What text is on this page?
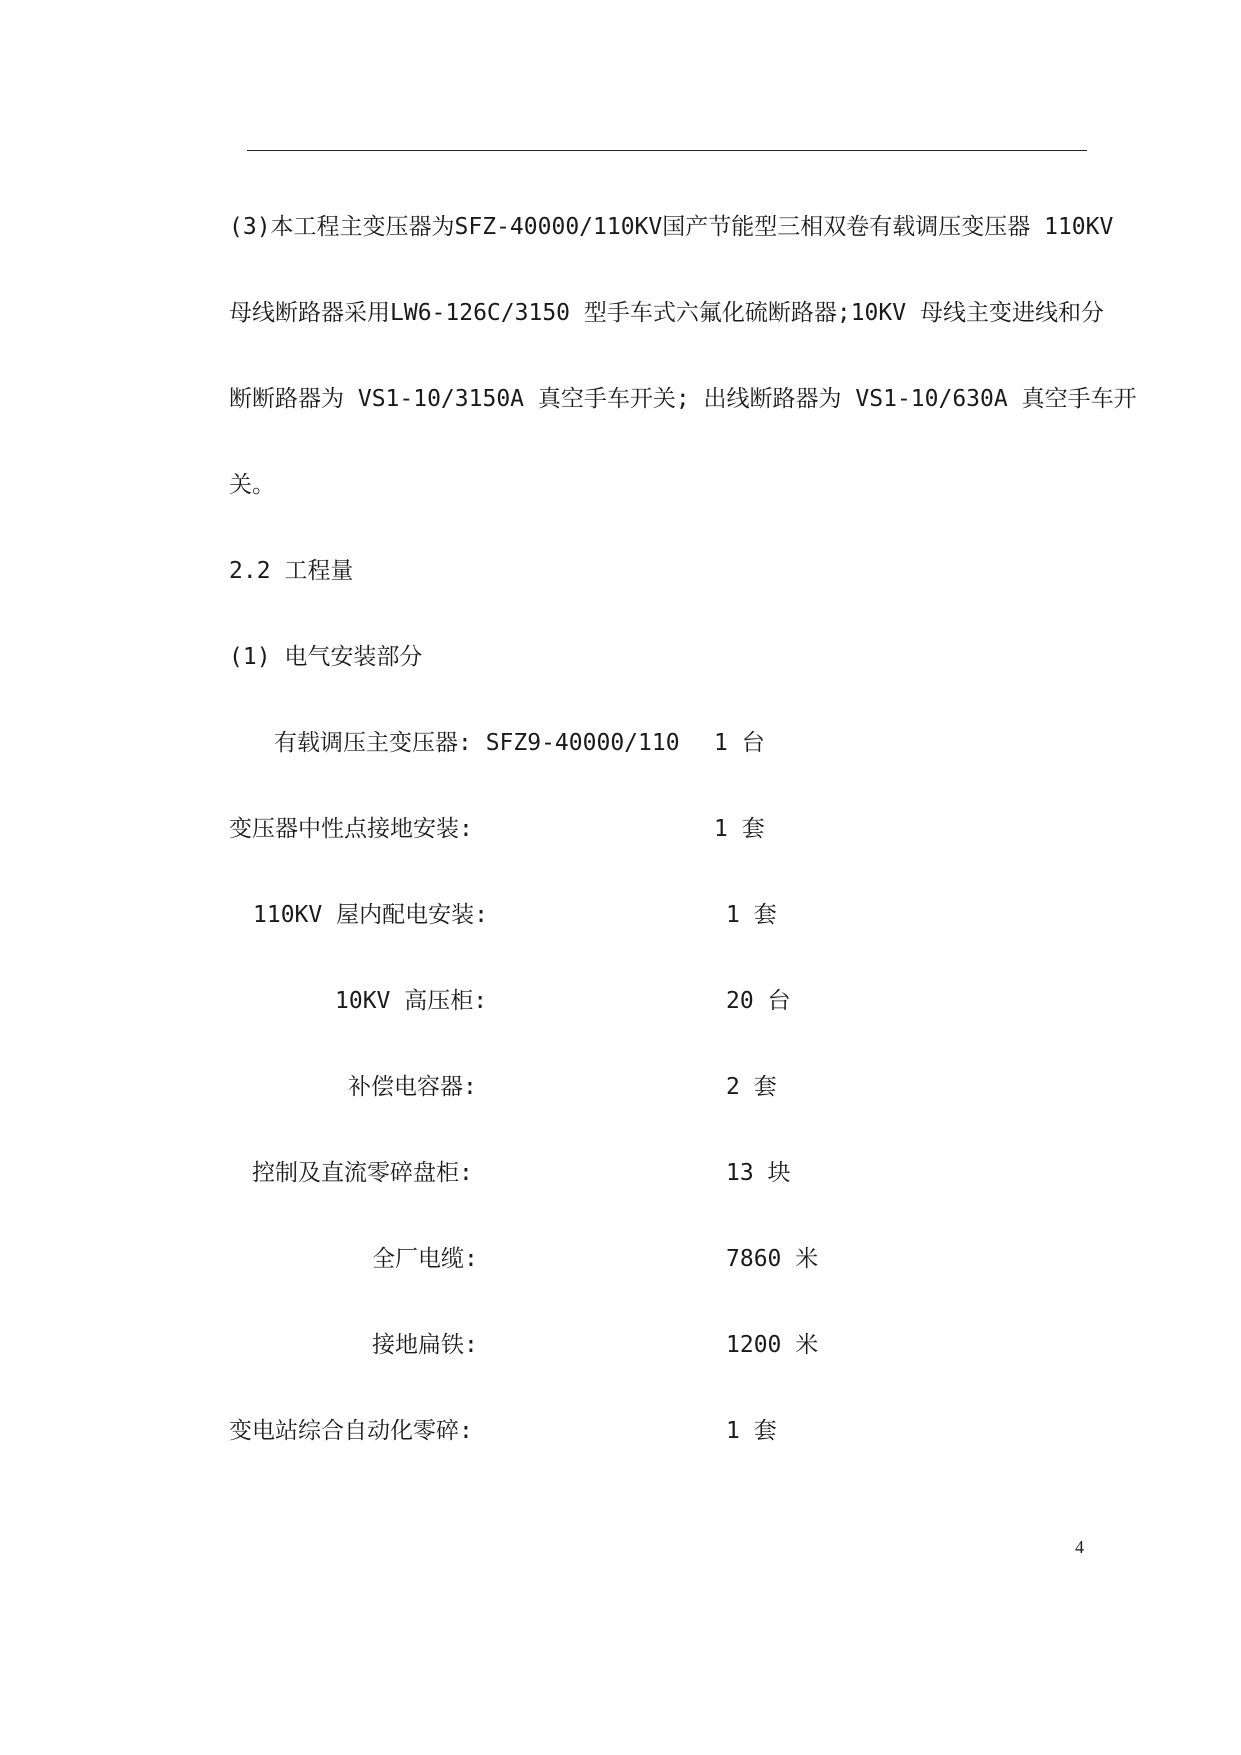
(3)本工程主变压器为SFZ-40000/110KV国产节能型三相双卷有载调压变压器 110KV
母线断路器采用LW6-126C/3150 型手车式六氟化硫断路器;10KV 母线主变进线和分
断断路器为 VS1-10/3150A 真空手车开关; 出线断路器为 VS1-10/630A 真空手车开
关。
2.2 工程量
(1) 电气安装部分
有载调压主变压器: SFZ9-40000/110 1 台
变压器中性点接地安装:	1 套
110KV 屋内配电安装:	1 套
10KV 高压柜:	20 台
补偿电容器:	2 套
控制及直流零碎盘柜:	13 块
全厂电缆:	7860 米
接地扁铁:	1200 米
变电站综合自动化零碎:	1 套
4
